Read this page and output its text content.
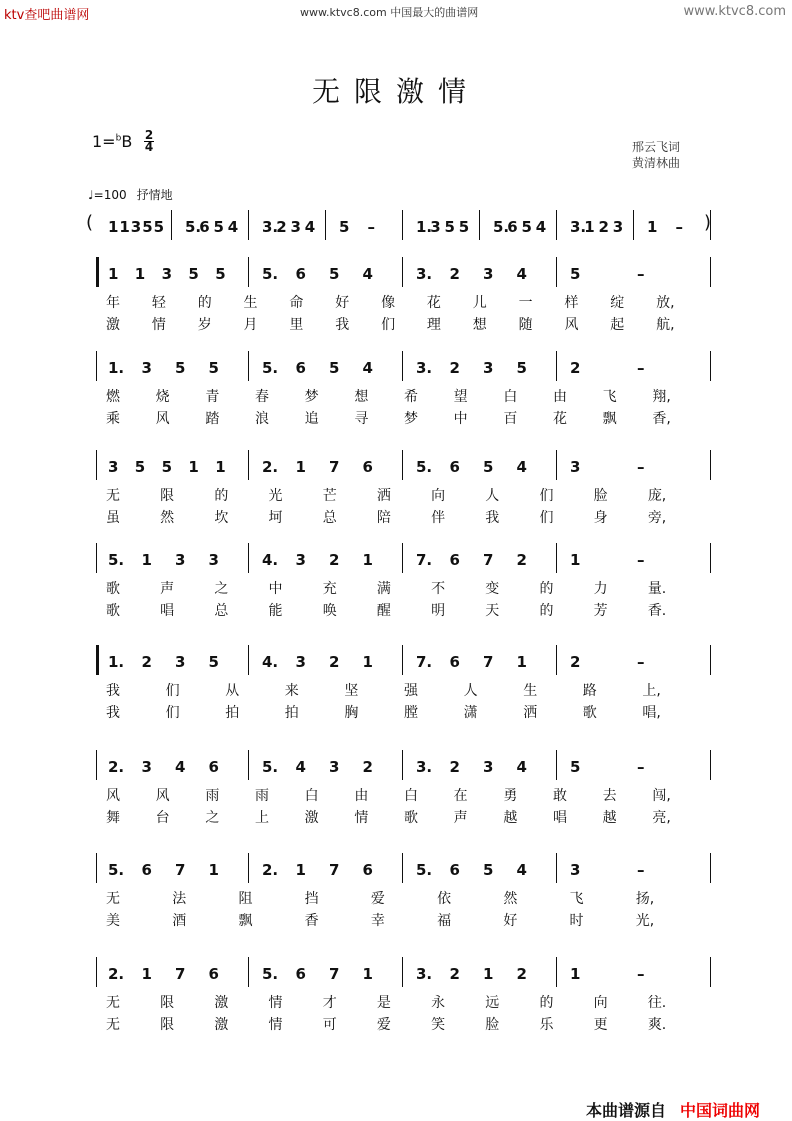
ktv查吧曲谱网	www.ktvc8.com 中国最大的曲谱网	www.ktvc8.com
无限激情
1=$^b$B 2
4	邢云飞词
黄清林曲
♩=100 抒情地
1 1 3 5 5 5.
6 5 4 3.
2 3 4 5 –	1.
3 5 5 5.
6 5 4 3.
1 2 3 1 –
1 1 3 5 5 5. 6 5 4	3. 2 3 4	5	–
年 轻 的 生 命 好 像 花 儿 一 样 绽 放,
激 情 岁 月 里 我 们 理 想 随 风 起 航,
1. 3 5 5	5. 6 5 4	3. 2 3 5	2	–
燃	烧	青	春	梦	想	希	望	白	由	飞	翔,
乘	风	踏	浪	追	寻	梦	中	百	花	飘	香,
3 5 5 1 1 2. 1 7 6	5. 6 5 4	3	–
无	限	的	光	芒	洒	向	人	们	脸	庞,
虽	然	坎	坷	总	陪	伴	我	们	身	旁,
5. 1 3 3	4. 3 2 1	7. 6 7 2	1	–
歌	声	之	中	充	满	不	变	的	力	量.
歌	唱	总	能	唤	醒	明	天	的	芳	香.
1. 2 3 5	4. 3 2 1	7. 6 7 1	2	–
我	们	从	来	坚	强	人	生	路	上,
我	们	拍	拍	胸	膛	潇	洒	歌	唱,
2. 3 4 6	5. 4 3 2	3. 2 3 4	5	–
风	风	雨	雨	白	由	白	在	勇	敢	去	闯,
舞	台	之	上	激	情	歌	声	越	唱	越	亮,
5. 6 7 1	2. 1 7 6	5. 6 5 4	3	–
无	法	阻	挡	爱	依	然	飞	扬,
美	酒	飘	香	幸	福	好	时	光,
2. 1 7 6	5. 6 7 1	3. 2 1 2	1	–
无	限	激	情	才	是	永	远	的	向	往.
无	限	激	情	可	爱	笑	脸	乐	更	爽.
(	)
本曲谱源自 中国词曲网
